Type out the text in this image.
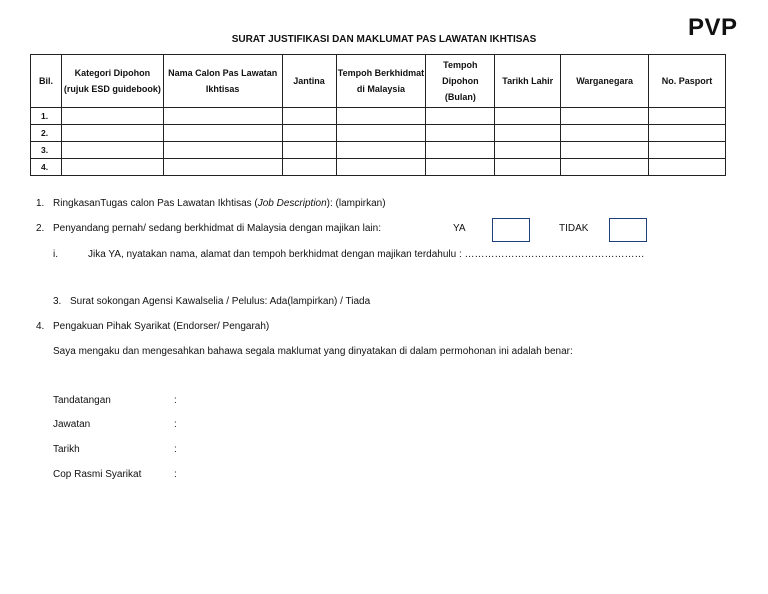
PVP
SURAT JUSTIFIKASI DAN MAKLUMAT PAS LAWATAN IKHTISAS
Bil.	Kategori Dipohon (rujuk ESD guidebook)	Nama Calon Pas Lawatan Ikhtisas	Jantina	Tempoh Berkhidmat di Malaysia	Tempoh Dipohon (Bulan)	Tarikh Lahir	Warganegara	No. Pasport
1.								
2.								
3.								
4.								
1. RingkasanTugas calon Pas Lawatan Ikhtisas (Job Description): (lampirkan)
2. Penyandang pernah/ sedang berkhidmat di Malaysia dengan majikan lain:	YA	TIDAK
i.	Jika YA, nyatakan nama, alamat dan tempoh berkhidmat dengan majikan terdahulu : ………………………………………………
3. Surat sokongan Agensi Kawalselia / Pelulus: Ada(lampirkan) / Tiada
4. Pengakuan Pihak Syarikat (Endorser/ Pengarah)
Saya mengaku dan mengesahkan bahawa segala maklumat yang dinyatakan di dalam permohonan ini adalah benar:
Tandatangan	:
Jawatan	:
Tarikh	:
Cop Rasmi Syarikat	:
